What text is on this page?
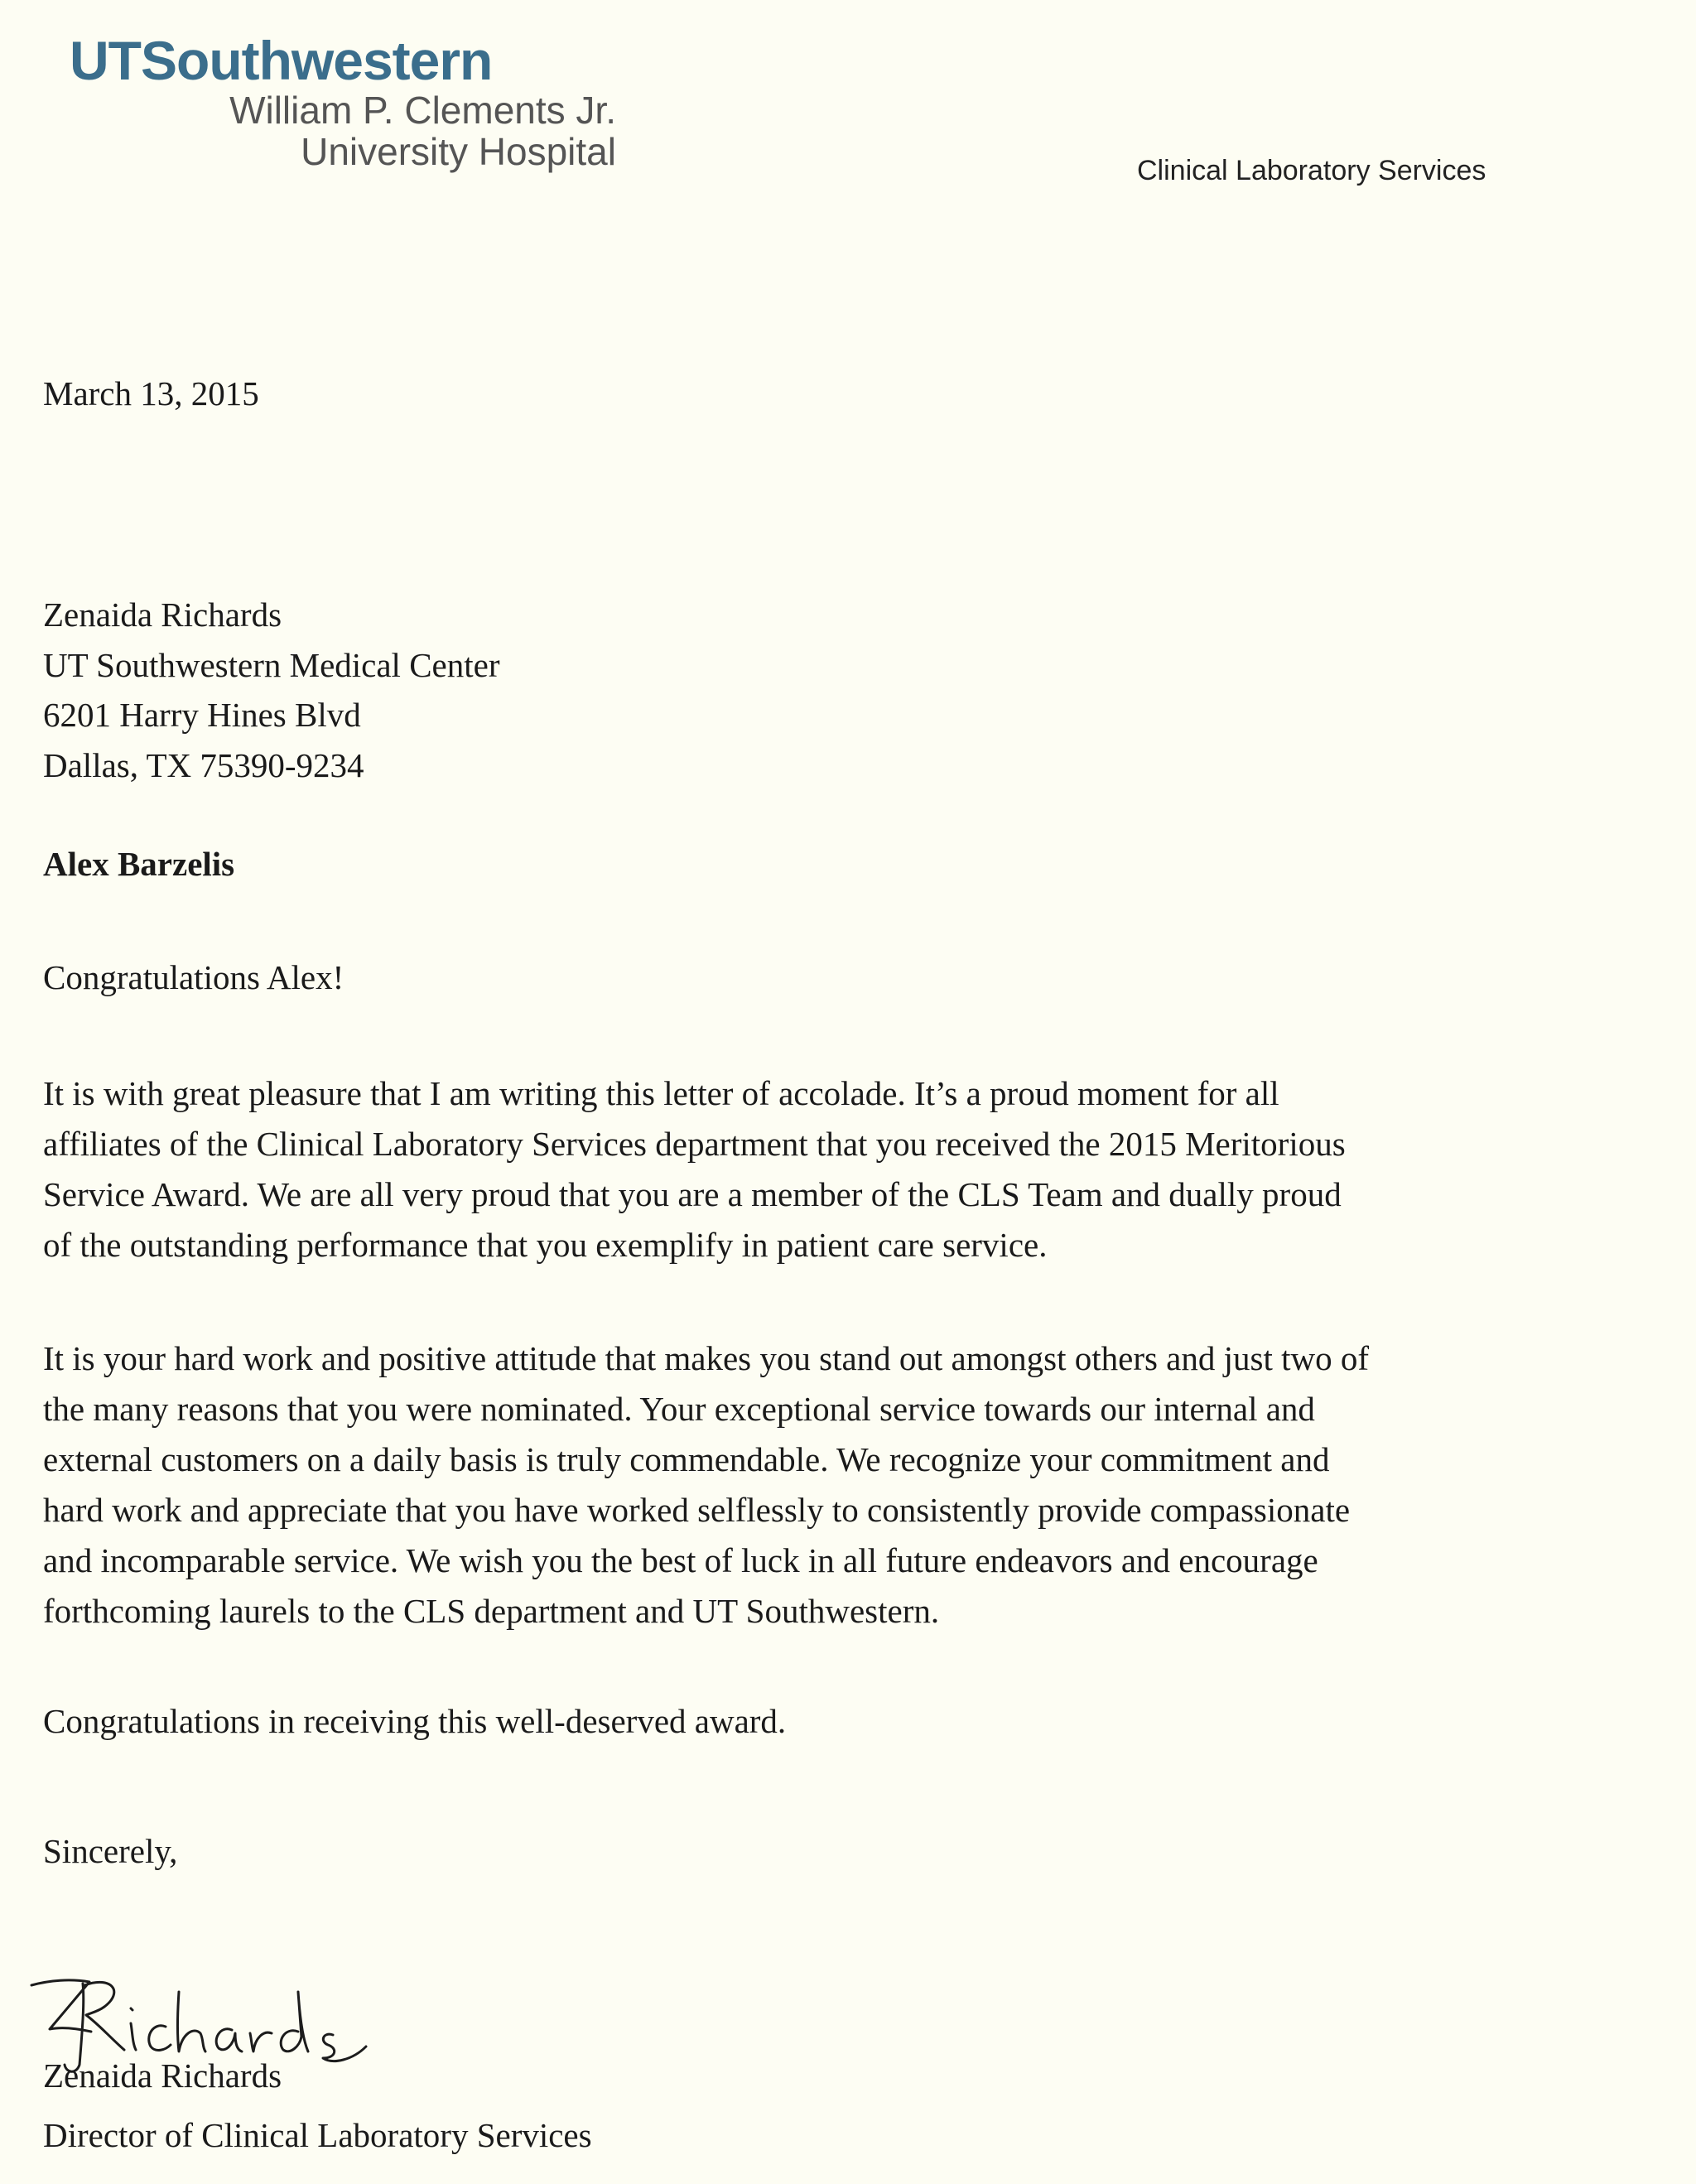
UTSouthwestern
William P. Clements Jr.
University Hospital	Clinical Laboratory Services
March 13, 2015
Zenaida Richards
UT Southwestern Medical Center
6201 Harry Hines Blvd
Dallas, TX 75390-9234
Alex Barzelis
Congratulations Alex!
It is with great pleasure that I am writing this letter of accolade. It’s a proud moment for all
affiliates of the Clinical Laboratory Services department that you received the 2015 Meritorious
Service Award. We are all very proud that you are a member of the CLS Team and dually proud
of the outstanding performance that you exemplify in patient care service.
It is your hard work and positive attitude that makes you stand out amongst others and just two of
the many reasons that you were nominated. Your exceptional service towards our internal and
external customers on a daily basis is truly commendable. We recognize your commitment and
hard work and appreciate that you have worked selflessly to consistently provide compassionate
and incomparable service. We wish you the best of luck in all future endeavors and encourage
forthcoming laurels to the CLS department and UT Southwestern.
Congratulations in receiving this well-deserved award.
Sincerely,
Zenaida Richards
Director of Clinical Laboratory Services
